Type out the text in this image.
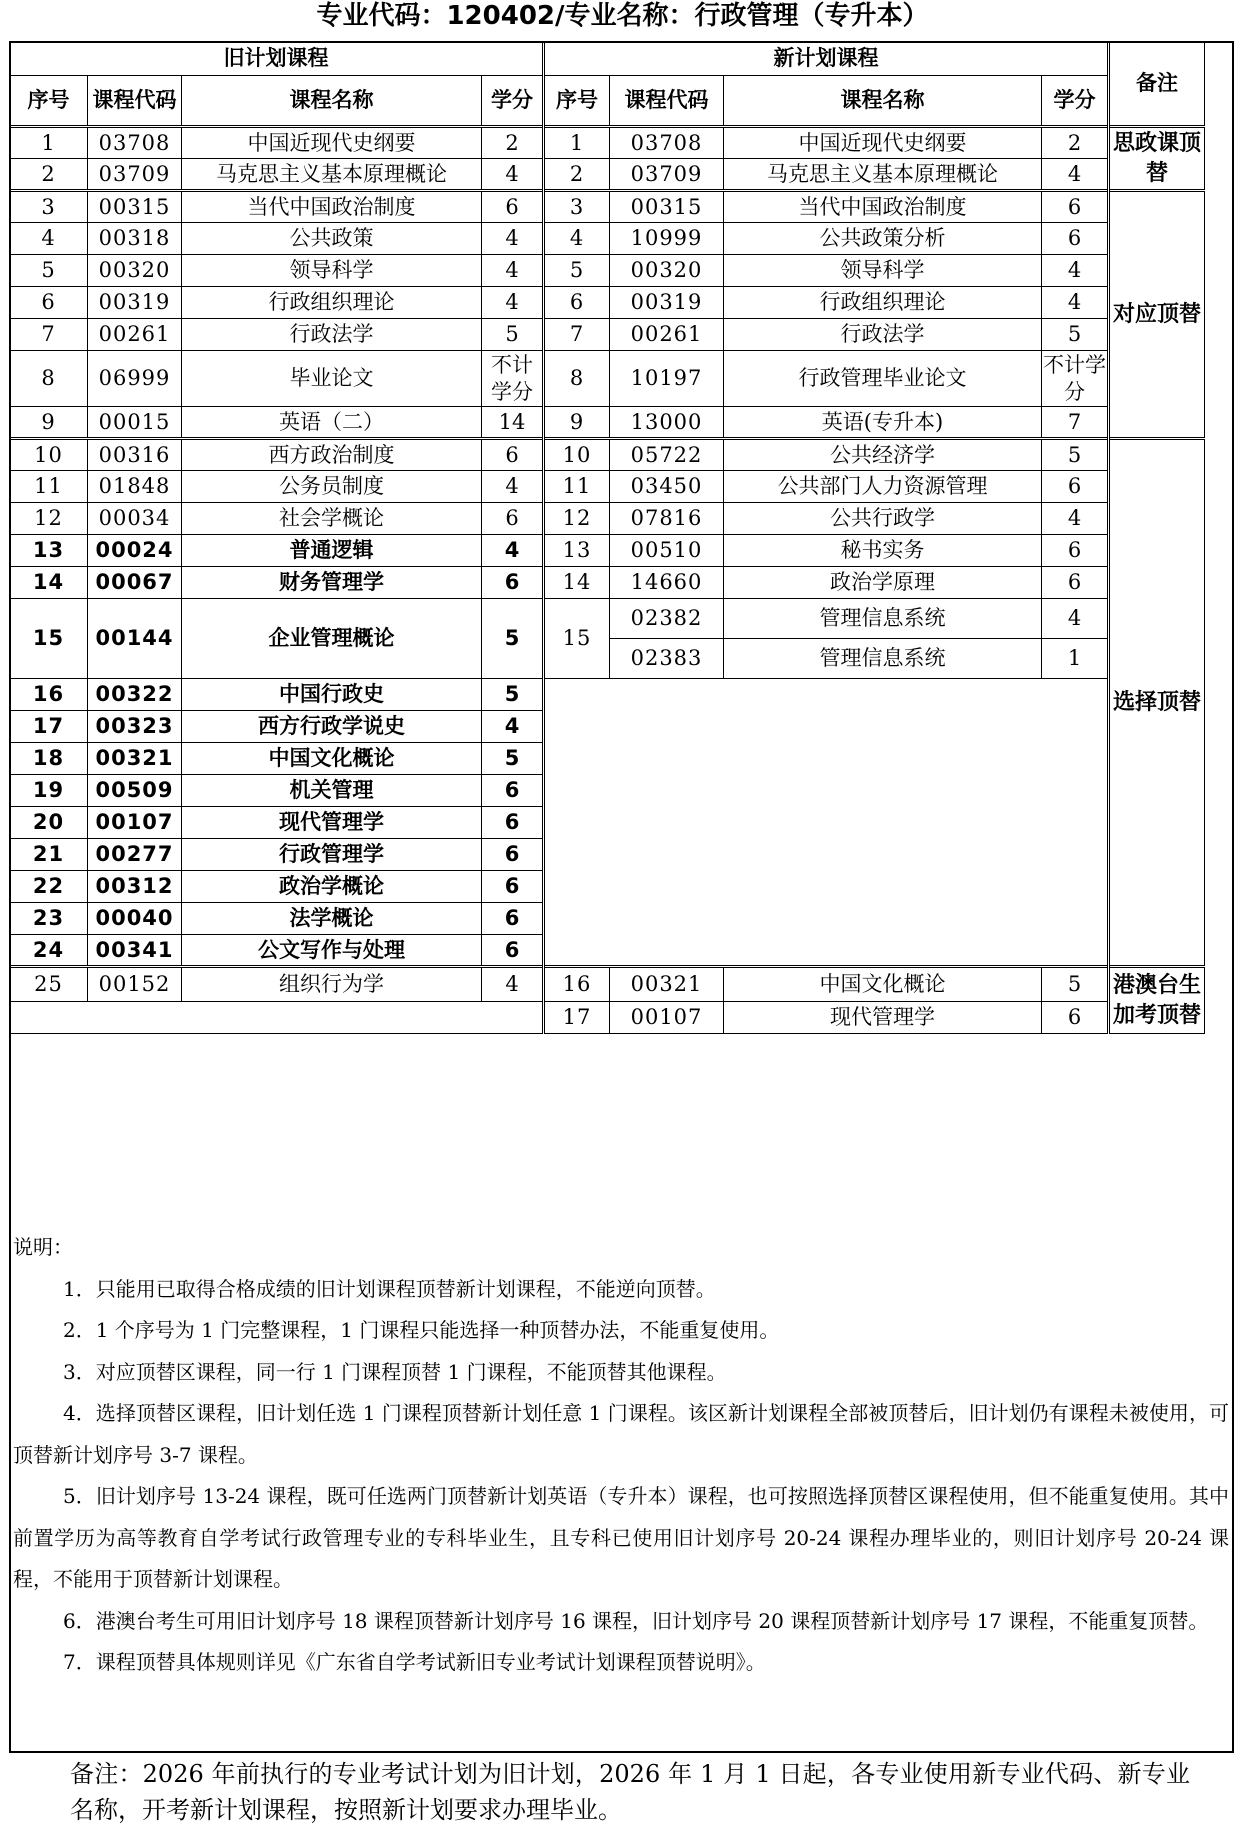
专业代码：120402/专业名称：行政管理（专升本）
旧计划课程				新计划课程				备注
序号	课程代码	课程名称	学分	序号	课程代码	课程名称	学分	
1	03708	中国近现代史纲要	2	1	03708	中国近现代史纲要	2	思政课顶替
2	03709	马克思主义基本原理概论	4	2	03709	马克思主义基本原理概论	4	
3	00315	当代中国政治制度	6	3	00315	当代中国政治制度	6	对应顶替
4	00318	公共政策	4	4	10999	公共政策分析	6	
5	00320	领导科学	4	5	00320	领导科学	4	
6	00319	行政组织理论	4	6	00319	行政组织理论	4	
7	00261	行政法学	5	7	00261	行政法学	5	
8	06999	毕业论文	不计学分	8	10197	行政管理毕业论文	不计学分	
9	00015	英语（二）	14	9	13000	英语(专升本)	7	
10	00316	西方政治制度	6	10	05722	公共经济学	5	选择顶替
11	01848	公务员制度	4	11	03450	公共部门人力资源管理	6	
12	00034	社会学概论	6	12	07816	公共行政学	4	
13	00024	普通逻辑	4	13	00510	秘书实务	6	
14	00067	财务管理学	6	14	14660	政治学原理	6	
15	00144	企业管理概论	5	15	02382	管理信息系统	4	
					02383	管理信息系统	1	
16	00322	中国行政史	5					
17	00323	西方行政学说史	4					
18	00321	中国文化概论	5					
19	00509	机关管理	6					
20	00107	现代管理学	6					
21	00277	行政管理学	6					
22	00312	政治学概论	6					
23	00040	法学概论	6					
24	00341	公文写作与处理	6					
25	00152	组织行为学	4	16	00321	中国文化概论	5	港澳台生加考顶替
				17	00107	现代管理学	6	

说明：

1．只能用已取得合格成绩的旧计划课程顶替新计划课程，不能逆向顶替。

2．1 个序号为 1 门完整课程，1 门课程只能选择一种顶替办法，不能重复使用。

3．对应顶替区课程，同一行 1 门课程顶替 1 门课程，不能顶替其他课程。

4．选择顶替区课程，旧计划任选 1 门课程顶替新计划任意 1 门课程。该区新计划课程全部被顶替后，旧计划仍有课程未被使用，可顶替新计划序号 3-7 课程。

5．旧计划序号 13-24 课程，既可任选两门顶替新计划英语（专升本）课程，也可按照选择顶替区课程使用，但不能重复使用。其中前置学历为高等教育自学考试行政管理专业的专科毕业生，且专科已使用旧计划序号 20-24 课程办理毕业的，则旧计划序号 20-24 课程，不能用于顶替新计划课程。

6．港澳台考生可用旧计划序号 18 课程顶替新计划序号 16 课程，旧计划序号 20 课程顶替新计划序号 17 课程，不能重复顶替。

7．课程顶替具体规则详见《广东省自学考试新旧专业考试计划课程顶替说明》。

备注：2026 年前执行的专业考试计划为旧计划，2026 年 1 月 1 日起，各专业使用新专业代码、新专业名称，开考新计划课程，按照新计划要求办理毕业。
